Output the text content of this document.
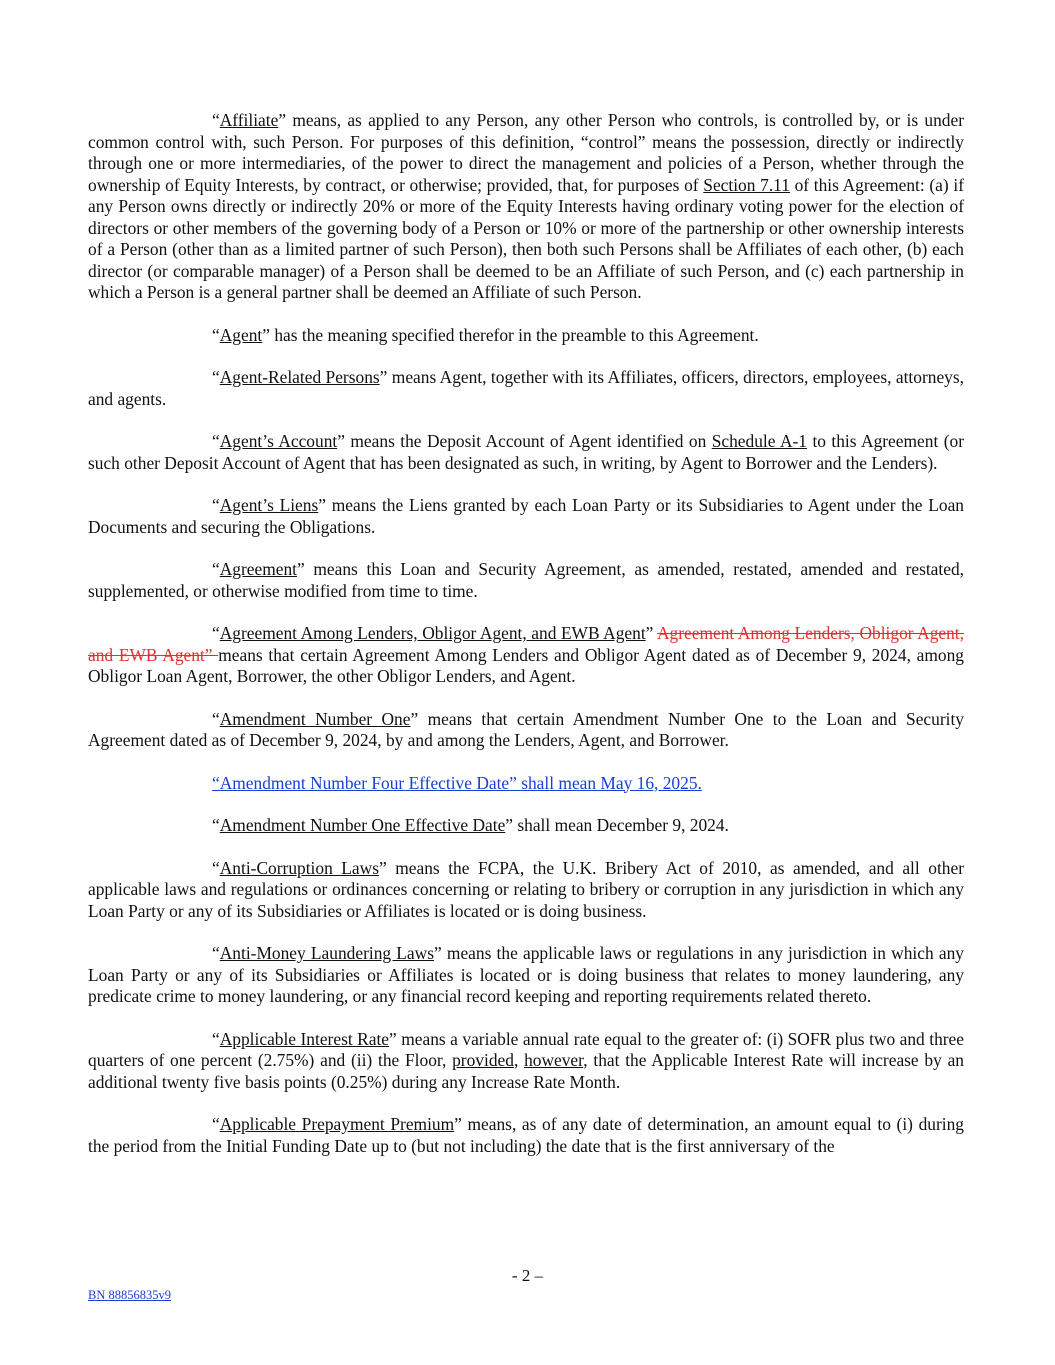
“Affiliate” means, as applied to any Person, any other Person who controls, is controlled by, or is under common control with, such Person. For purposes of this definition, “control” means the possession, directly or indirectly through one or more intermediaries, of the power to direct the management and policies of a Person, whether through the ownership of Equity Interests, by contract, or otherwise; provided, that, for purposes of Section 7.11 of this Agreement: (a) if any Person owns directly or indirectly 20% or more of the Equity Interests having ordinary voting power for the election of directors or other members of the governing body of a Person or 10% or more of the partnership or other ownership interests of a Person (other than as a limited partner of such Person), then both such Persons shall be Affiliates of each other, (b) each director (or comparable manager) of a Person shall be deemed to be an Affiliate of such Person, and (c) each partnership in which a Person is a general partner shall be deemed an Affiliate of such Person.

“Agent” has the meaning specified therefor in the preamble to this Agreement.

“Agent-Related Persons” means Agent, together with its Affiliates, officers, directors, employees, attorneys, and agents.

“Agent’s Account” means the Deposit Account of Agent identified on Schedule A-1 to this Agreement (or such other Deposit Account of Agent that has been designated as such, in writing, by Agent to Borrower and the Lenders).

“Agent’s Liens” means the Liens granted by each Loan Party or its Subsidiaries to Agent under the Loan Documents and securing the Obligations.

“Agreement” means this Loan and Security Agreement, as amended, restated, amended and restated, supplemented, or otherwise modified from time to time.

“Agreement Among Lenders, Obligor Agent, and EWB Agent” Agreement Among Lenders, Obligor Agent, and EWB Agent” means that certain Agreement Among Lenders and Obligor Agent dated as of December 9, 2024, among Obligor Loan Agent, Borrower, the other Obligor Lenders, and Agent.

“Amendment Number One” means that certain Amendment Number One to the Loan and Security Agreement dated as of December 9, 2024, by and among the Lenders, Agent, and Borrower.

“Amendment Number Four Effective Date” shall mean May 16, 2025.

“Amendment Number One Effective Date” shall mean December 9, 2024.

“Anti-Corruption Laws” means the FCPA, the U.K. Bribery Act of 2010, as amended, and all other applicable laws and regulations or ordinances concerning or relating to bribery or corruption in any jurisdiction in which any Loan Party or any of its Subsidiaries or Affiliates is located or is doing business.

“Anti-Money Laundering Laws” means the applicable laws or regulations in any jurisdiction in which any Loan Party or any of its Subsidiaries or Affiliates is located or is doing business that relates to money laundering, any predicate crime to money laundering, or any financial record keeping and reporting requirements related thereto.

“Applicable Interest Rate” means a variable annual rate equal to the greater of: (i) SOFR plus two and three quarters of one percent (2.75%) and (ii) the Floor, provided, however, that the Applicable Interest Rate will increase by an additional twenty five basis points (0.25%) during any Increase Rate Month.

“Applicable Prepayment Premium” means, as of any date of determination, an amount equal to (i) during the period from the Initial Funding Date up to (but not including) the date that is the first anniversary of the

- 2 –
BN 88856835v9
